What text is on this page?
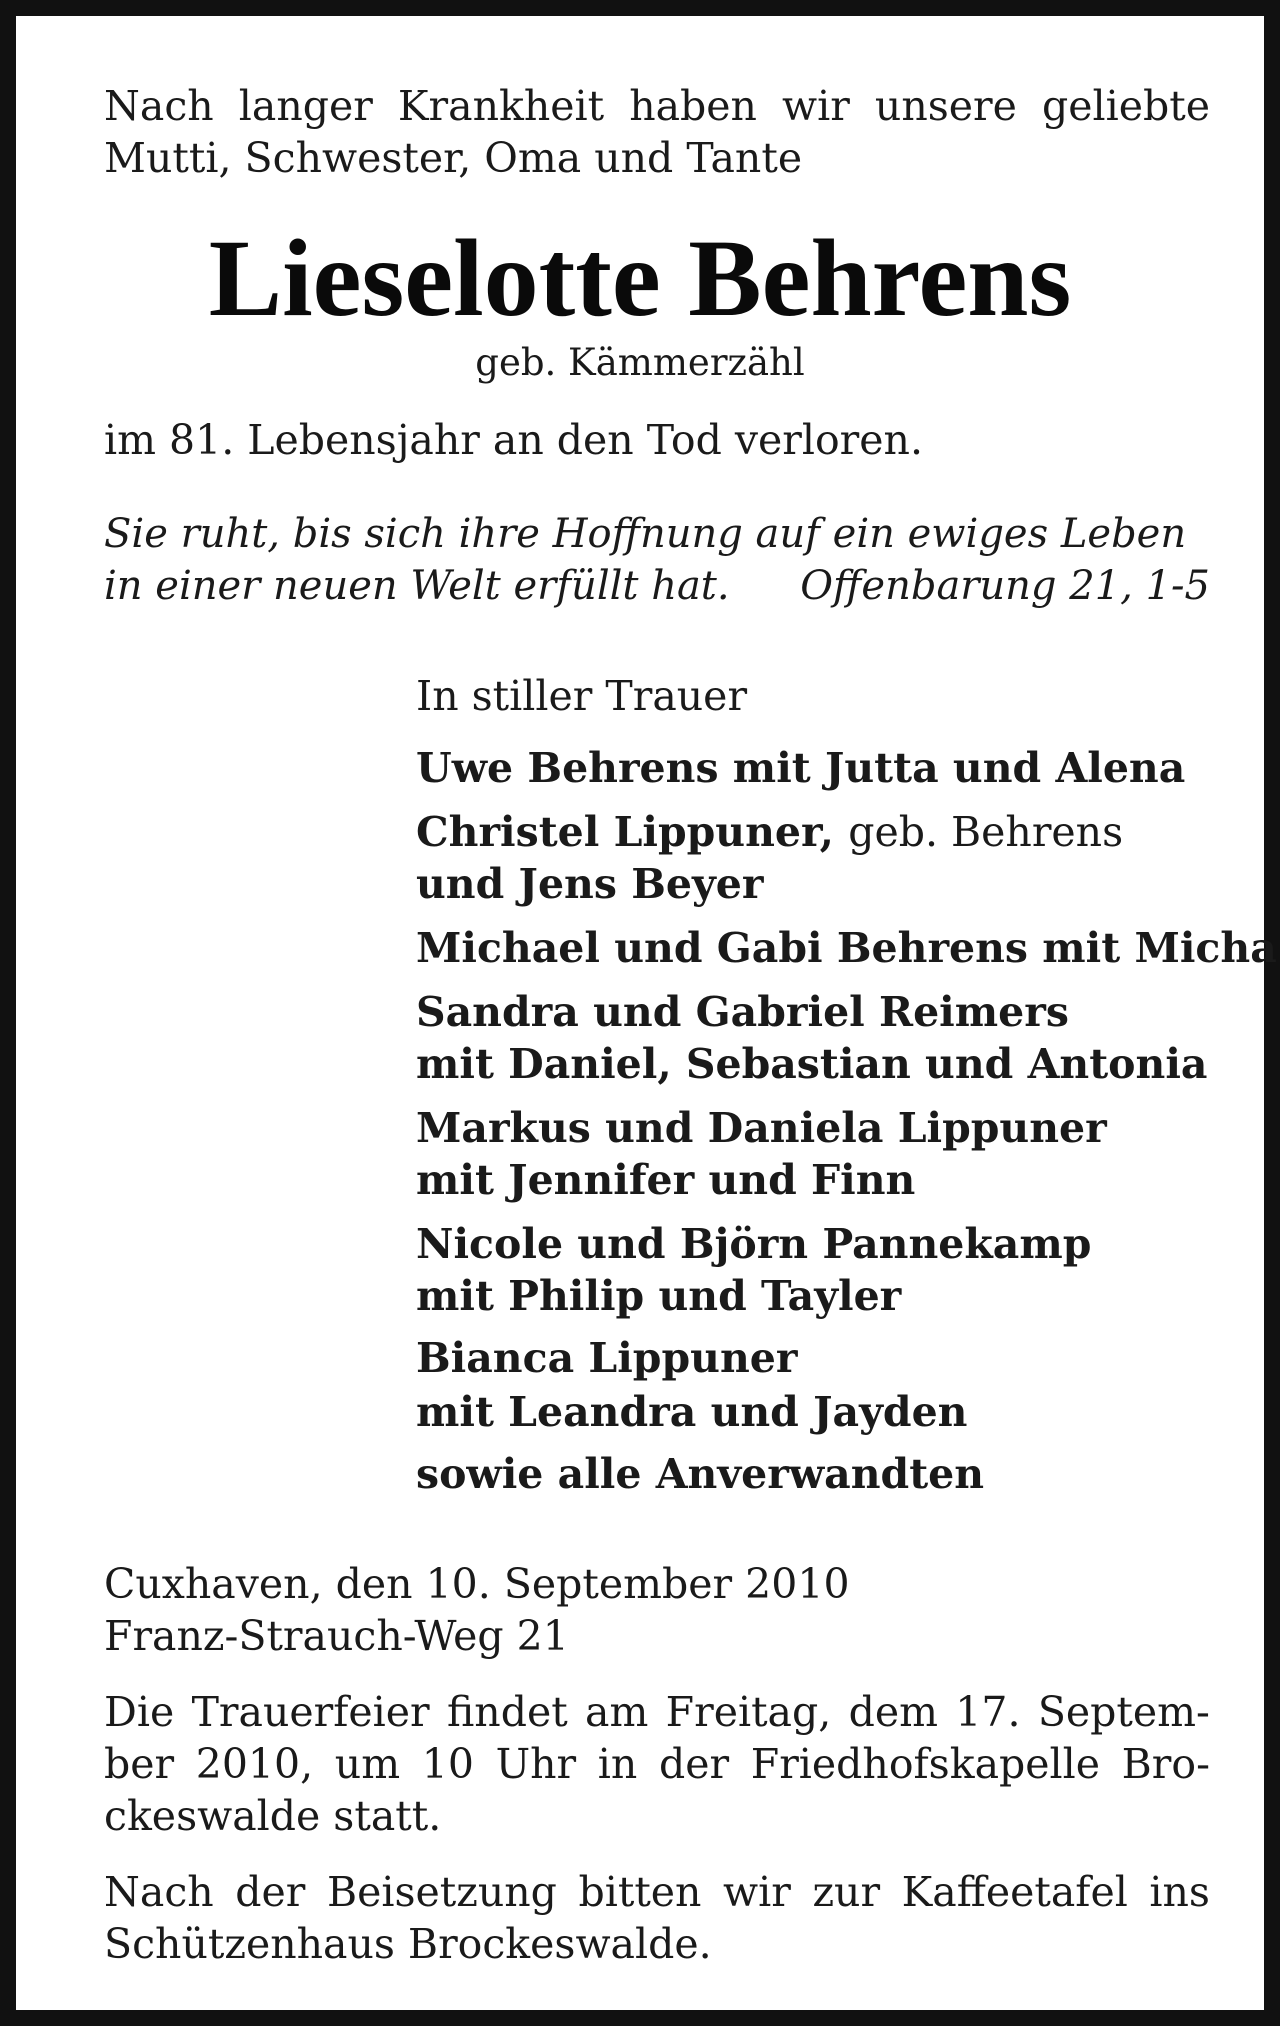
Nach langer Krankheit haben wir unsere geliebte
Mutti, Schwester, Oma und Tante
Lieselotte Behrens
geb. Kämmerzähl
im 81. Lebensjahr an den Tod verloren.
Sie ruht, bis sich ihre Hoffnung auf ein ewiges Leben
in einer neuen Welt erfüllt hat. Offenbarung 21, 1-5
In stiller Trauer
Uwe Behrens mit Jutta und Alena
Christel Lippuner, geb. Behrens
und Jens Beyer
Michael und Gabi Behrens mit Micha
Sandra und Gabriel Reimers
mit Daniel, Sebastian und Antonia
Markus und Daniela Lippuner
mit Jennifer und Finn
Nicole und Björn Pannekamp
mit Philip und Tayler
Bianca Lippuner
mit Leandra und Jayden
sowie alle Anverwandten
Cuxhaven, den 10. September 2010
Franz-Strauch-Weg 21
Die Trauerfeier findet am Freitag, dem 17. Septem-
ber 2010, um 10 Uhr in der Friedhofskapelle Bro-
ckeswalde statt.
Nach der Beisetzung bitten wir zur Kaffeetafel ins
Schützenhaus Brockeswalde.
